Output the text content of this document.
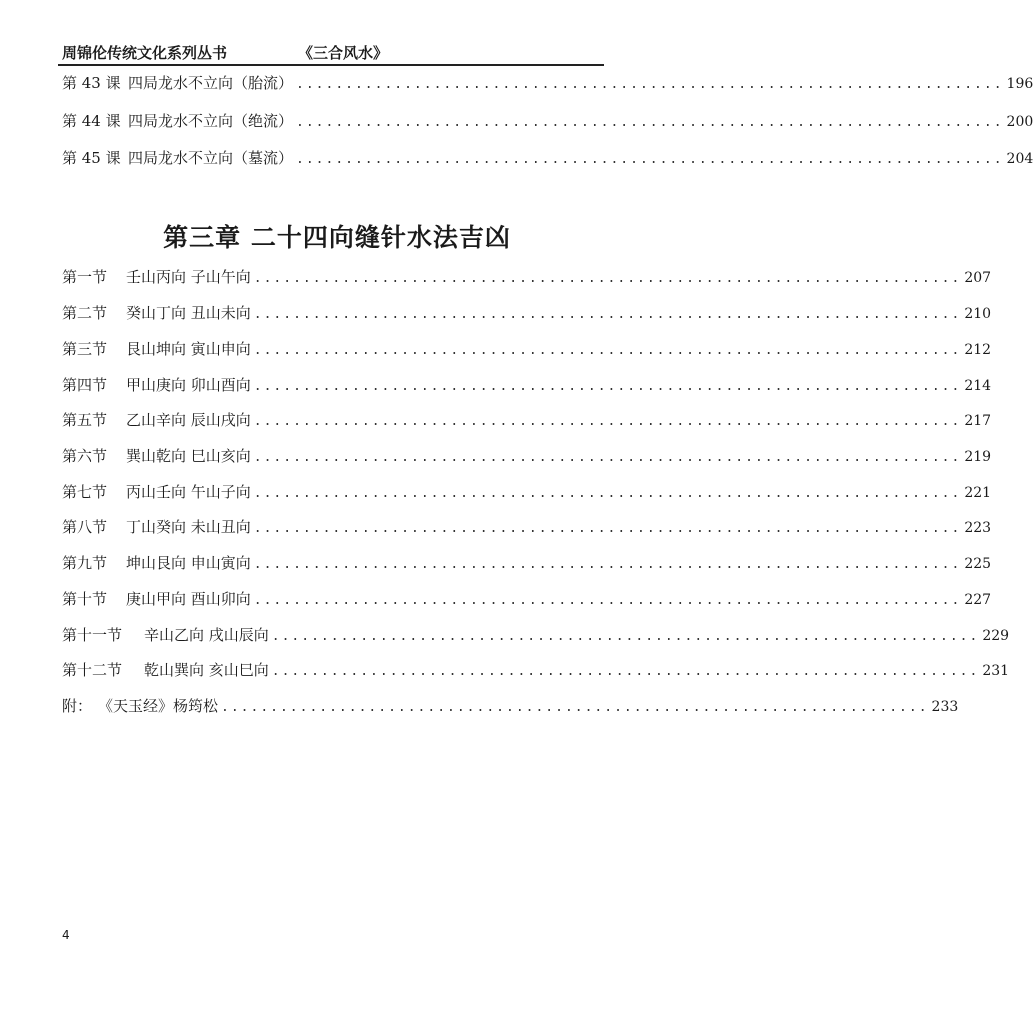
周锦伦传统文化系列丛书	《三合风水》
第 43 课 四局龙水不立向（胎流） ........................................................................ 196
第 44 课 四局龙水不立向（绝流） ........................................................................ 200
第 45 课 四局龙水不立向（墓流） ........................................................................ 204
第三章 二十四向缝针水法吉凶
第一节	壬山丙向 子山午向 ........................................................................ 207
第二节	癸山丁向 丑山未向 ........................................................................ 210
第三节	艮山坤向 寅山申向 ........................................................................ 212
第四节	甲山庚向 卯山酉向 ........................................................................ 214
第五节	乙山辛向 辰山戌向 ........................................................................ 217
第六节	巽山乾向 巳山亥向 ........................................................................ 219
第七节	丙山壬向 午山子向 ........................................................................ 221
第八节	丁山癸向 未山丑向 ........................................................................ 223
第九节	坤山艮向 申山寅向 ........................................................................ 225
第十节	庚山甲向 酉山卯向 ........................................................................ 227
第十一节	辛山乙向 戌山辰向 ........................................................................ 229
第十二节	乾山巽向 亥山巳向 ........................................................................ 231
附： 《天玉经》杨筠松 ........................................................................ 233
4
